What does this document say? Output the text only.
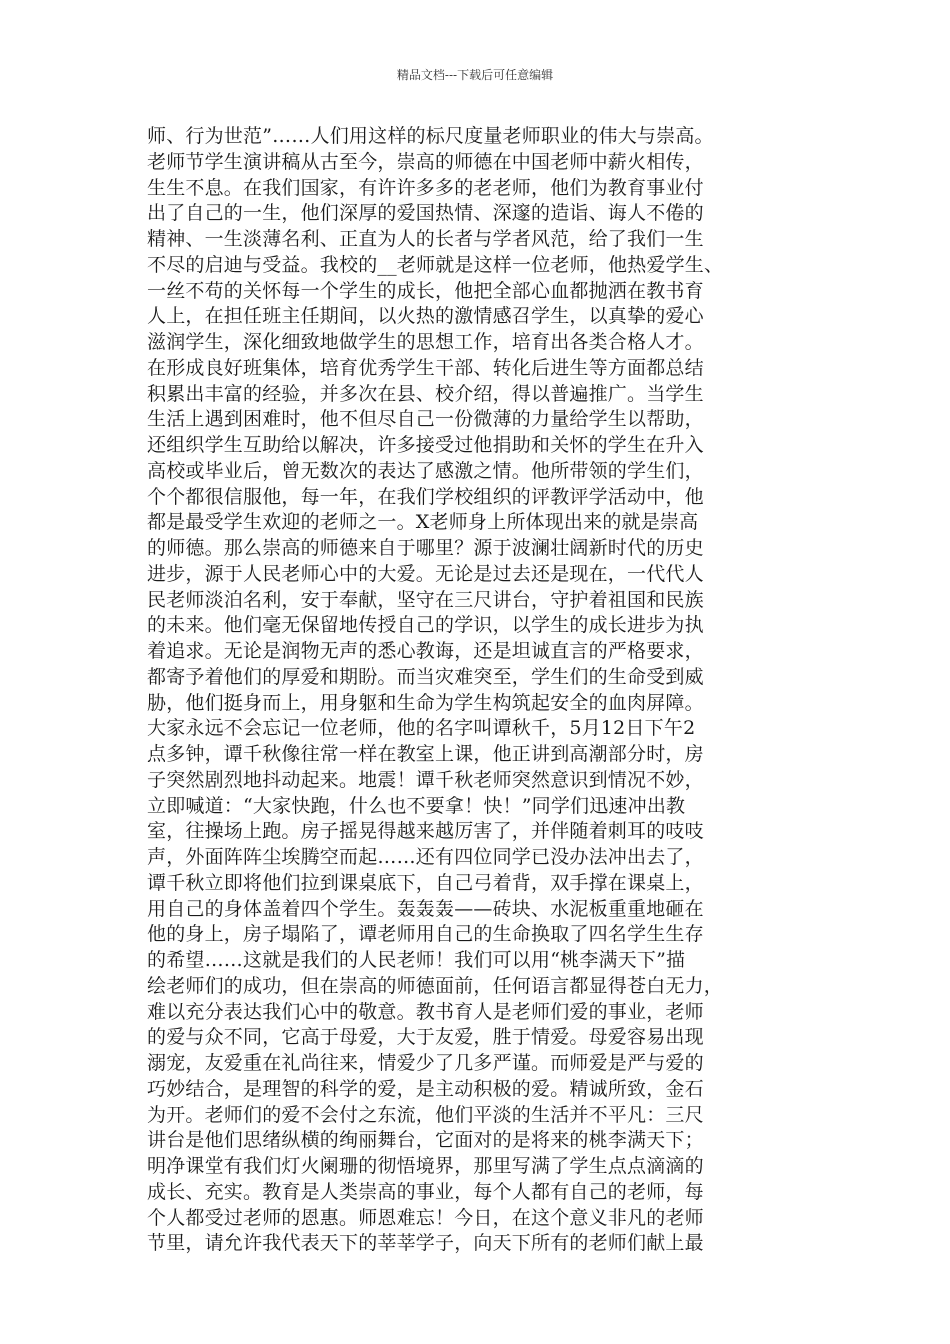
精品文档---下载后可任意编辑
师、行为世范”……人们用这样的标尺度量老师职业的伟大与崇高。
老师节学生演讲稿从古至今，崇高的师德在中国老师中薪火相传，
生生不息。在我们国家，有许许多多的老老师，他们为教育事业付
出了自己的一生，他们深厚的爱国热情、深邃的造诣、诲人不倦的
精神、一生淡薄名利、正直为人的长者与学者风范，给了我们一生
不尽的启迪与受益。我校的__老师就是这样一位老师，他热爱学生、
一丝不苟的关怀每一个学生的成长，他把全部心血都抛洒在教书育
人上，在担任班主任期间，以火热的激情感召学生，以真挚的爱心
滋润学生，深化细致地做学生的思想工作，培育出各类合格人才。
在形成良好班集体，培育优秀学生干部、转化后进生等方面都总结
积累出丰富的经验，并多次在县、校介绍，得以普遍推广。当学生
生活上遇到困难时，他不但尽自己一份微薄的力量给学生以帮助，
还组织学生互助给以解决，许多接受过他捐助和关怀的学生在升入
高校或毕业后，曾无数次的表达了感激之情。他所带领的学生们，
个个都很信服他，每一年，在我们学校组织的评教评学活动中，他
都是最受学生欢迎的老师之一。X老师身上所体现出来的就是崇高
的师德。那么崇高的师德来自于哪里？源于波澜壮阔新时代的历史
进步，源于人民老师心中的大爱。无论是过去还是现在，一代代人
民老师淡泊名利，安于奉献，坚守在三尺讲台，守护着祖国和民族
的未来。他们毫无保留地传授自己的学识，以学生的成长进步为执
着追求。无论是润物无声的悉心教诲，还是坦诚直言的严格要求，
都寄予着他们的厚爱和期盼。而当灾难突至，学生们的生命受到威
胁，他们挺身而上，用身躯和生命为学生构筑起安全的血肉屏障。
大家永远不会忘记一位老师，他的名字叫谭秋千，5月12日下午2
点多钟，谭千秋像往常一样在教室上课，他正讲到高潮部分时，房
子突然剧烈地抖动起来。地震！谭千秋老师突然意识到情况不妙，
立即喊道：“大家快跑，什么也不要拿！快！”同学们迅速冲出教
室，往操场上跑。房子摇晃得越来越厉害了，并伴随着刺耳的吱吱
声，外面阵阵尘埃腾空而起……还有四位同学已没办法冲出去了，
谭千秋立即将他们拉到课桌底下，自己弓着背，双手撑在课桌上，
用自己的身体盖着四个学生。轰轰轰——砖块、水泥板重重地砸在
他的身上，房子塌陷了，谭老师用自己的生命换取了四名学生生存
的希望……这就是我们的人民老师！我们可以用“桃李满天下”描
绘老师们的成功，但在崇高的师德面前，任何语言都显得苍白无力，
难以充分表达我们心中的敬意。教书育人是老师们爱的事业，老师
的爱与众不同，它高于母爱，大于友爱，胜于情爱。母爱容易出现
溺宠，友爱重在礼尚往来，情爱少了几多严谨。而师爱是严与爱的
巧妙结合，是理智的科学的爱，是主动积极的爱。精诚所致，金石
为开。老师们的爱不会付之东流，他们平淡的生活并不平凡：三尺
讲台是他们思绪纵横的绚丽舞台，它面对的是将来的桃李满天下；
明净课堂有我们灯火阑珊的彻悟境界，那里写满了学生点点滴滴的
成长、充实。教育是人类崇高的事业，每个人都有自己的老师，每
个人都受过老师的恩惠。师恩难忘！今日，在这个意义非凡的老师
节里，请允许我代表天下的莘莘学子，向天下所有的老师们献上最
